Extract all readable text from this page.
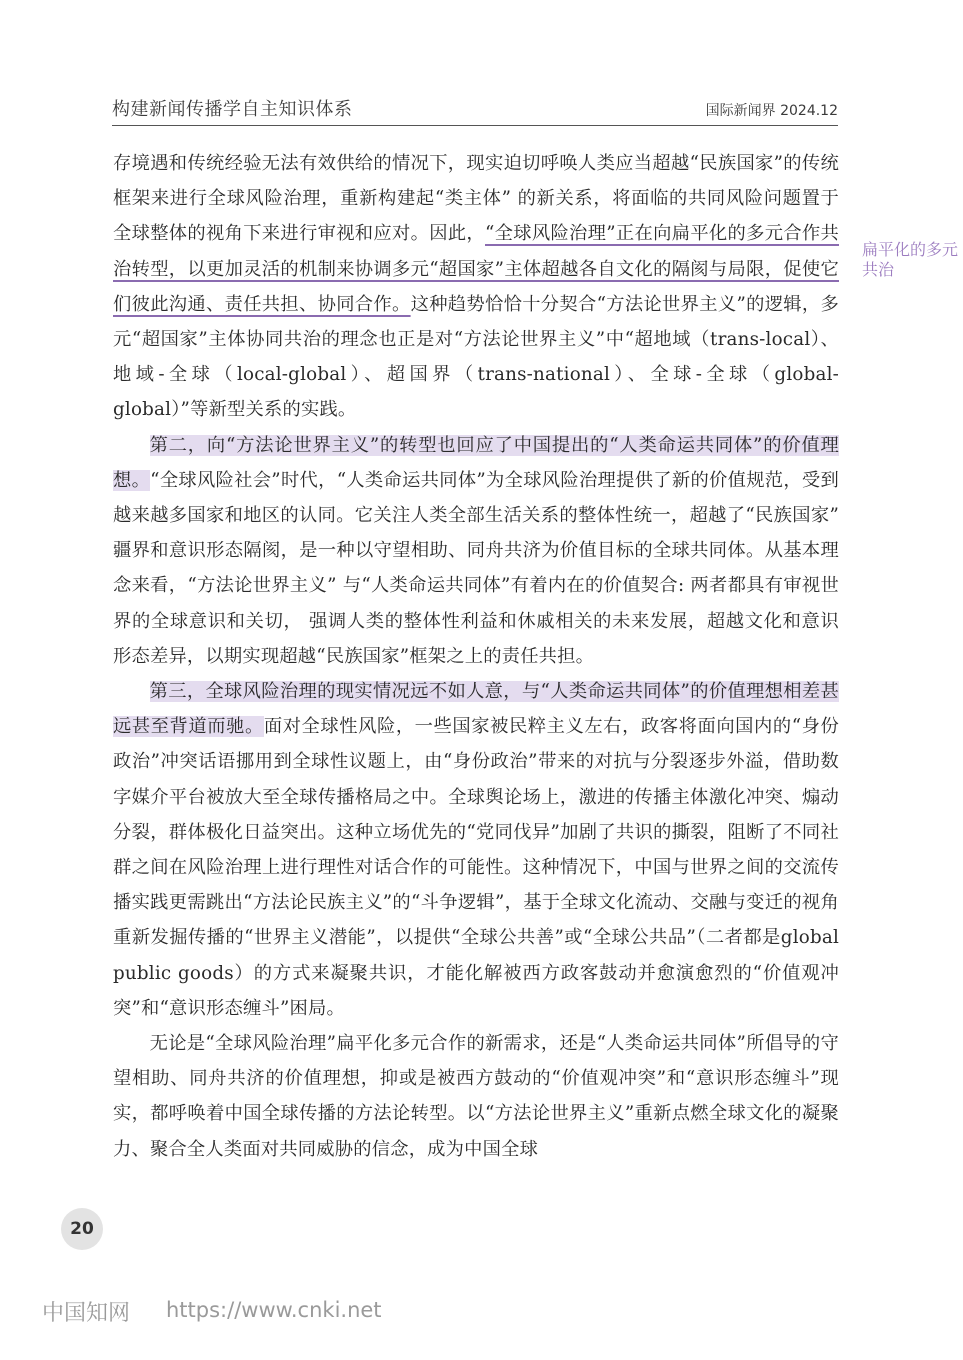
构建新闻传播学自主知识体系	国际新闻界 2024.12

存境遇和传统经验无法有效供给的情况下，现实迫切呼唤人类应当超越“民族国家”的传统框架来进行全球风险治理，重新构建起“类主体” 的新关系，将面临的共同风险问题置于全球整体的视角下来进行审视和应对。因此，“全球风险治理”正在向扁平化的多元合作共治转型，以更加灵活的机制来协调多元“超国家”主体超越各自文化的隔阂与局限，促使它们彼此沟通、责任共担、协同合作。这种趋势恰恰十分契合“方法论世界主义”的逻辑，多元“超国家”主体协同共治的理念也正是对“方法论世界主义”中“超地域（trans-local）、地域-全球（local-global）、超国界（trans-national）、全球-全球（global-global）”等新型关系的实践。

第二，向“方法论世界主义”的转型也回应了中国提出的“人类命运共同体”的价值理想。“全球风险社会”时代，“人类命运共同体”为全球风险治理提供了新的价值规范，受到越来越多国家和地区的认同。它关注人类全部生活关系的整体性统一，超越了“民族国家” 疆界和意识形态隔阂，是一种以守望相助、同舟共济为价值目标的全球共同体。从基本理念来看，“方法论世界主义” 与“人类命运共同体”有着内在的价值契合: 两者都具有审视世界的全球意识和关切， 强调人类的整体性利益和休戚相关的未来发展，超越文化和意识形态差异，以期实现超越“民族国家”框架之上的责任共担。

第三，全球风险治理的现实情况远不如人意，与“人类命运共同体”的价值理想相差甚远甚至背道而驰。面对全球性风险，一些国家被民粹主义左右，政客将面向国内的“身份政治”冲突话语挪用到全球性议题上，由“身份政治”带来的对抗与分裂逐步外溢，借助数字媒介平台被放大至全球传播格局之中。全球舆论场上，激进的传播主体激化冲突、煽动分裂，群体极化日益突出。这种立场优先的“党同伐异”加剧了共识的撕裂，阻断了不同社群之间在风险治理上进行理性对话合作的可能性。这种情况下，中国与世界之间的交流传播实践更需跳出“方法论民族主义”的“斗争逻辑”，基于全球文化流动、交融与变迁的视角重新发掘传播的“世界主义潜能”，以提供“全球公共善”或“全球公共品”（二者都是global public goods）的方式来凝聚共识，才能化解被西方政客鼓动并愈演愈烈的“价值观冲突”和“意识形态缠斗”困局。

无论是“全球风险治理”扁平化多元合作的新需求，还是“人类命运共同体”所倡导的守望相助、同舟共济的价值理想，抑或是被西方鼓动的“价值观冲突”和“意识形态缠斗”现实，都呼唤着中国全球传播的方法论转型。以“方法论世界主义”重新点燃全球文化的凝聚力、聚合全人类面对共同威胁的信念，成为中国全球

扁平化的多元共治
20
中国知网 https://www.cnki.net
